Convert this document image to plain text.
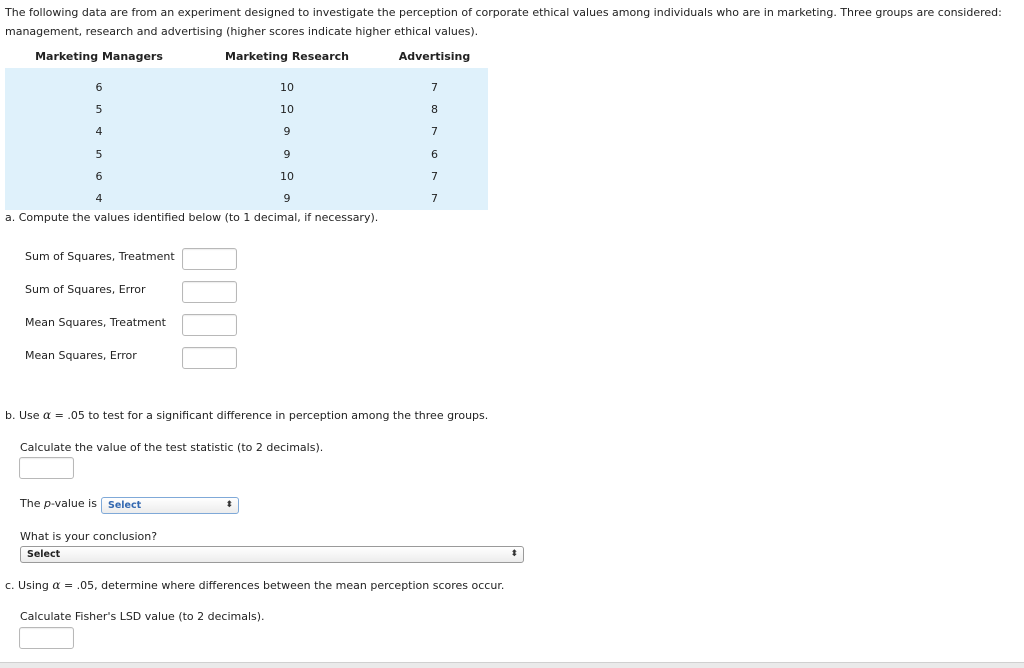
The following data are from an experiment designed to investigate the perception of corporate ethical values among individuals who are in marketing. Three groups are considered:
management, research and advertising (higher scores indicate higher ethical values).
Marketing Managers	Marketing Research	Advertising

6	10	7
5	10	8
4	9	7
5	9	6
6	10	7
4	9	7
a. Compute the values identified below (to 1 decimal, if necessary).
Sum of Squares, Treatment
Sum of Squares, Error
Mean Squares, Treatment
Mean Squares, Error
b. Use α = .05 to test for a significant difference in perception among the three groups.
Calculate the value of the test statistic (to 2 decimals).
The p-value is	Select	⬍
What is your conclusion?
Select	⬍
c. Using α = .05, determine where differences between the mean perception scores occur.
Calculate Fisher's LSD value (to 2 decimals).
